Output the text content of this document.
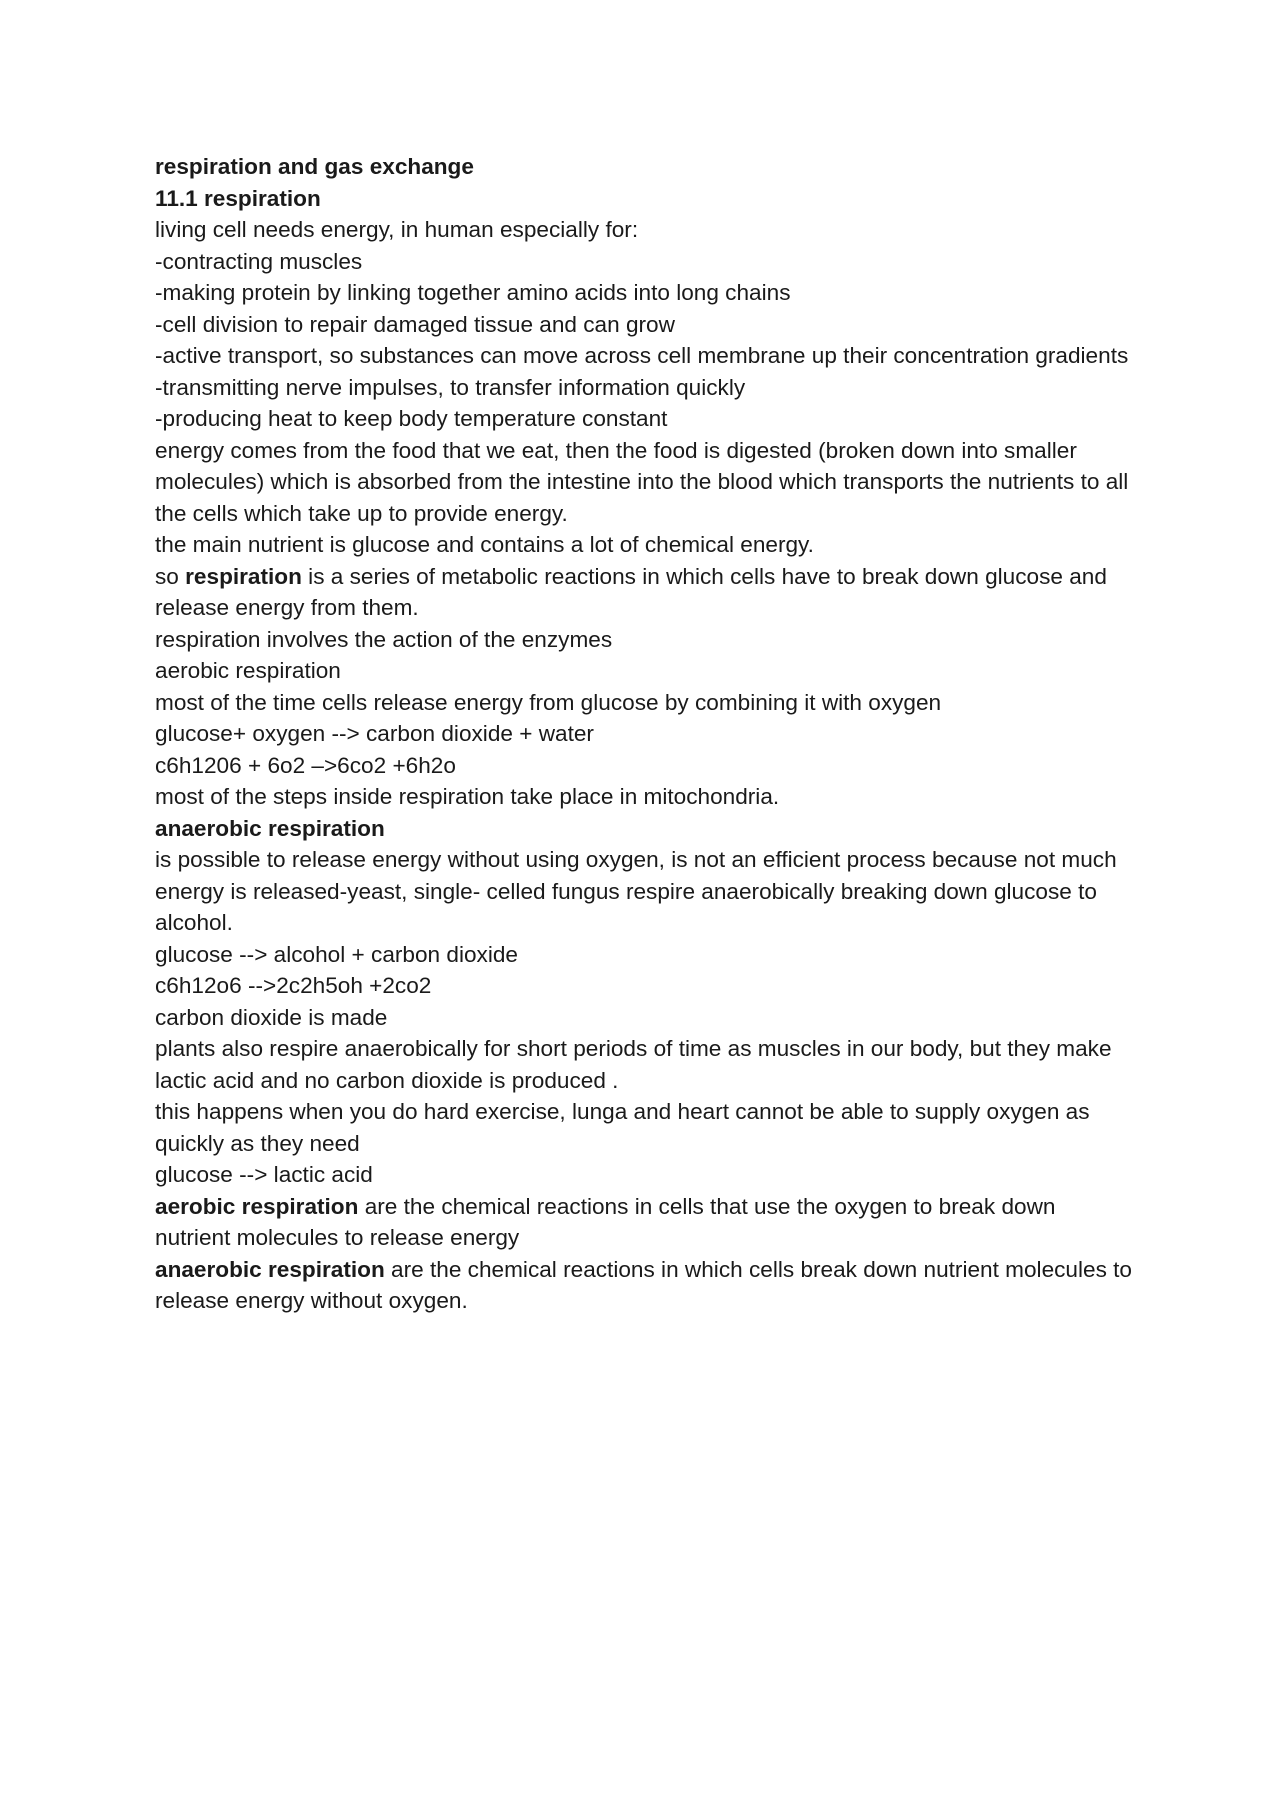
respiration and gas exchange

11.1 respiration

living cell needs energy, in human especially for:

-contracting muscles

-making protein by linking together amino acids into long chains

-cell division to repair damaged tissue and can grow

-active transport, so substances can move across cell membrane up their concentration gradients

-transmitting nerve impulses, to transfer information quickly

-producing heat to keep body temperature constant

energy comes from the food that we eat, then the food is digested (broken down into smaller molecules) which is absorbed from the intestine into the blood which transports the nutrients to all the cells which take up to provide energy.

the main nutrient is glucose and contains a lot of chemical energy.

so respiration is a series of metabolic reactions in which cells have to break down glucose and release energy from them.

respiration involves the action of the enzymes

aerobic respiration

most of the time cells release energy from glucose by combining it with oxygen

glucose+ oxygen --> carbon dioxide + water

c6h1206 + 6o2 –>6co2 +6h2o

most of the steps inside respiration take place in mitochondria.

anaerobic respiration

is possible to release energy without using oxygen, is not an efficient process because not much energy is released-yeast, single- celled fungus respire anaerobically breaking down glucose to alcohol.

glucose --> alcohol + carbon dioxide

c6h12o6 -->2c2h5oh +2co2

carbon dioxide is made

plants also respire anaerobically for short periods of time as muscles in our body, but they make lactic acid and no carbon dioxide is produced .

this happens when you do hard exercise, lunga and heart cannot be able to supply oxygen as quickly as they need

glucose --> lactic acid

aerobic respiration are the chemical reactions in cells that use the oxygen to break down nutrient molecules to release energy

anaerobic respiration are the chemical reactions in which cells break down nutrient molecules to release energy without oxygen.
